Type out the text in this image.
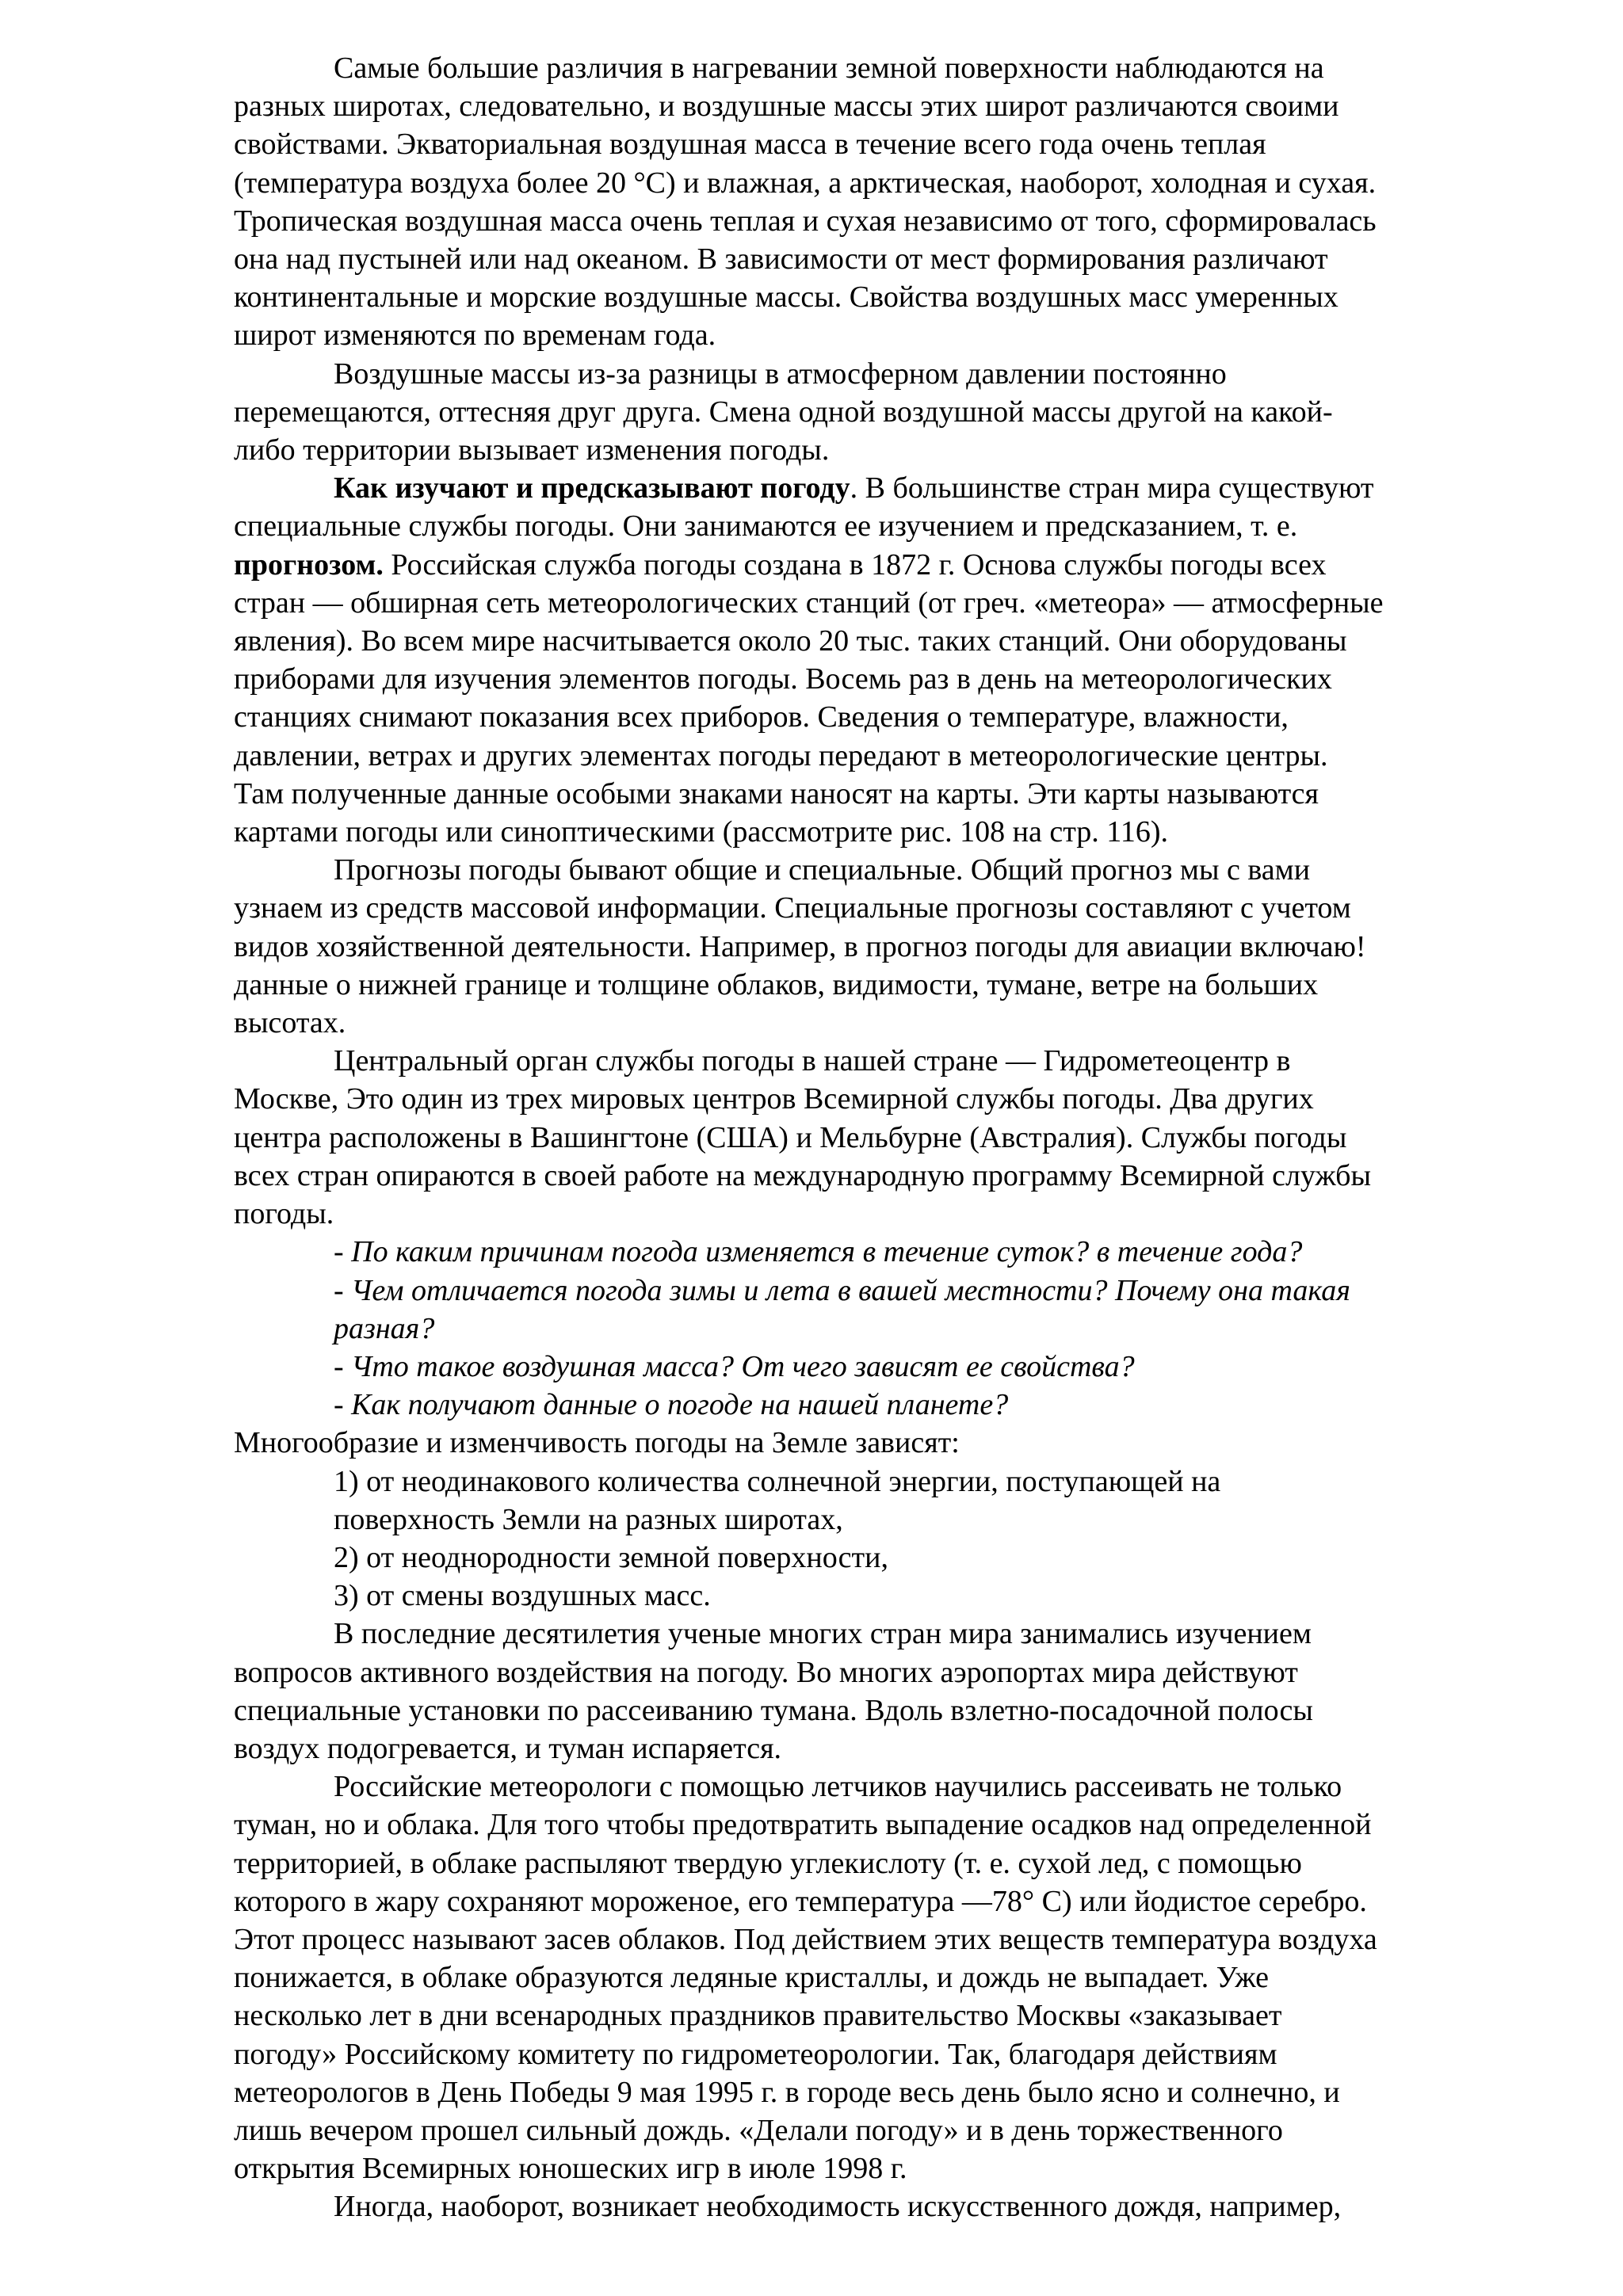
Самые большие различия в нагревании земной поверхности наблюдаются на
разных широтах, следовательно, и воздушные массы этих широт различаются своими
свойствами. Экваториальная воздушная масса в течение всего года очень теплая
(температура воздуха более 20 °С) и влажная, а арктическая, наоборот, холодная и сухая.
Тропическая воздушная масса очень теплая и сухая независимо от того, сформировалась
она над пустыней или над океаном. В зависимости от мест формирования различают
континентальные и морские воздушные массы. Свойства воздушных масс умеренных
широт изменяются по временам года.

Воздушные массы из-за разницы в атмосферном давлении постоянно
перемещаются, оттесняя друг друга. Смена одной воздушной массы другой на какой-
либо территории вызывает изменения погоды.

Как изучают и предсказывают погоду. В большинстве стран мира существуют
специальные службы погоды. Они занимаются ее изучением и предсказанием, т. е.
прогнозом. Российская служба погоды создана в 1872 г. Основа службы погоды всех
стран — обширная сеть метеорологических станций (от греч. «метеора» — атмосферные
явления). Во всем мире насчитывается около 20 тыс. таких станций. Они оборудованы
приборами для изучения элементов погоды. Восемь раз в день на метеорологических
станциях снимают показания всех приборов. Сведения о температуре, влажности,
давлении, ветрах и других элементах погоды передают в метеорологические центры.
Там полученные данные особыми знаками наносят на карты. Эти карты называются
картами погоды или синоптическими (рассмотрите рис. 108 на стр. 116).

Прогнозы погоды бывают общие и специальные. Общий прогноз мы с вами
узнаем из средств массовой информации. Специальные прогнозы составляют с учетом
видов хозяйственной деятельности. Например, в прогноз погоды для авиации включаю!
данные о нижней границе и толщине облаков, видимости, тумане, ветре на больших
высотах.

Центральный орган службы погоды в нашей стране — Гидрометеоцентр в
Москве, Это один из трех мировых центров Всемирной службы погоды. Два других
центра расположены в Вашингтоне (США) и Мельбурне (Австралия). Службы погоды
всех стран опираются в своей работе на международную программу Всемирной службы
погоды.

- По каким причинам погода изменяется в течение суток? в течение года?

- Чем отличается погода зимы и лета в вашей местности? Почему она такая
разная?

- Что такое воздушная масса? От чего зависят ее свойства?

- Как получают данные о погоде на нашей планете?

Многообразие и изменчивость погоды на Земле зависят:

1) от неодинакового количества солнечной энергии, поступающей на
поверхность Земли на разных широтах,

2) от неоднородности земной поверхности,

3) от смены воздушных масс.

В последние десятилетия ученые многих стран мира занимались изучением
вопросов активного воздействия на погоду. Во многих аэропортах мира действуют
специальные установки по рассеиванию тумана. Вдоль взлетно-посадочной полосы
воздух подогревается, и туман испаряется.

Российские метеорологи с помощью летчиков научились рассеивать не только
туман, но и облака. Для того чтобы предотвратить выпадение осадков над определенной
территорией, в облаке распыляют твердую углекислоту (т. е. сухой лед, с помощью
которого в жару сохраняют мороженое, его температура —78° С) или йодистое серебро.
Этот процесс называют засев облаков. Под действием этих веществ температура воздуха
понижается, в облаке образуются ледяные кристаллы, и дождь не выпадает. Уже
несколько лет в дни всенародных праздников правительство Москвы «заказывает
погоду» Российскому комитету по гидрометеорологии. Так, благодаря действиям
метеорологов в День Победы 9 мая 1995 г. в городе весь день было ясно и солнечно, и
лишь вечером прошел сильный дождь. «Делали погоду» и в день торжественного
открытия Всемирных юношеских игр в июле 1998 г.

Иногда, наоборот, возникает необходимость искусственного дождя, например,
